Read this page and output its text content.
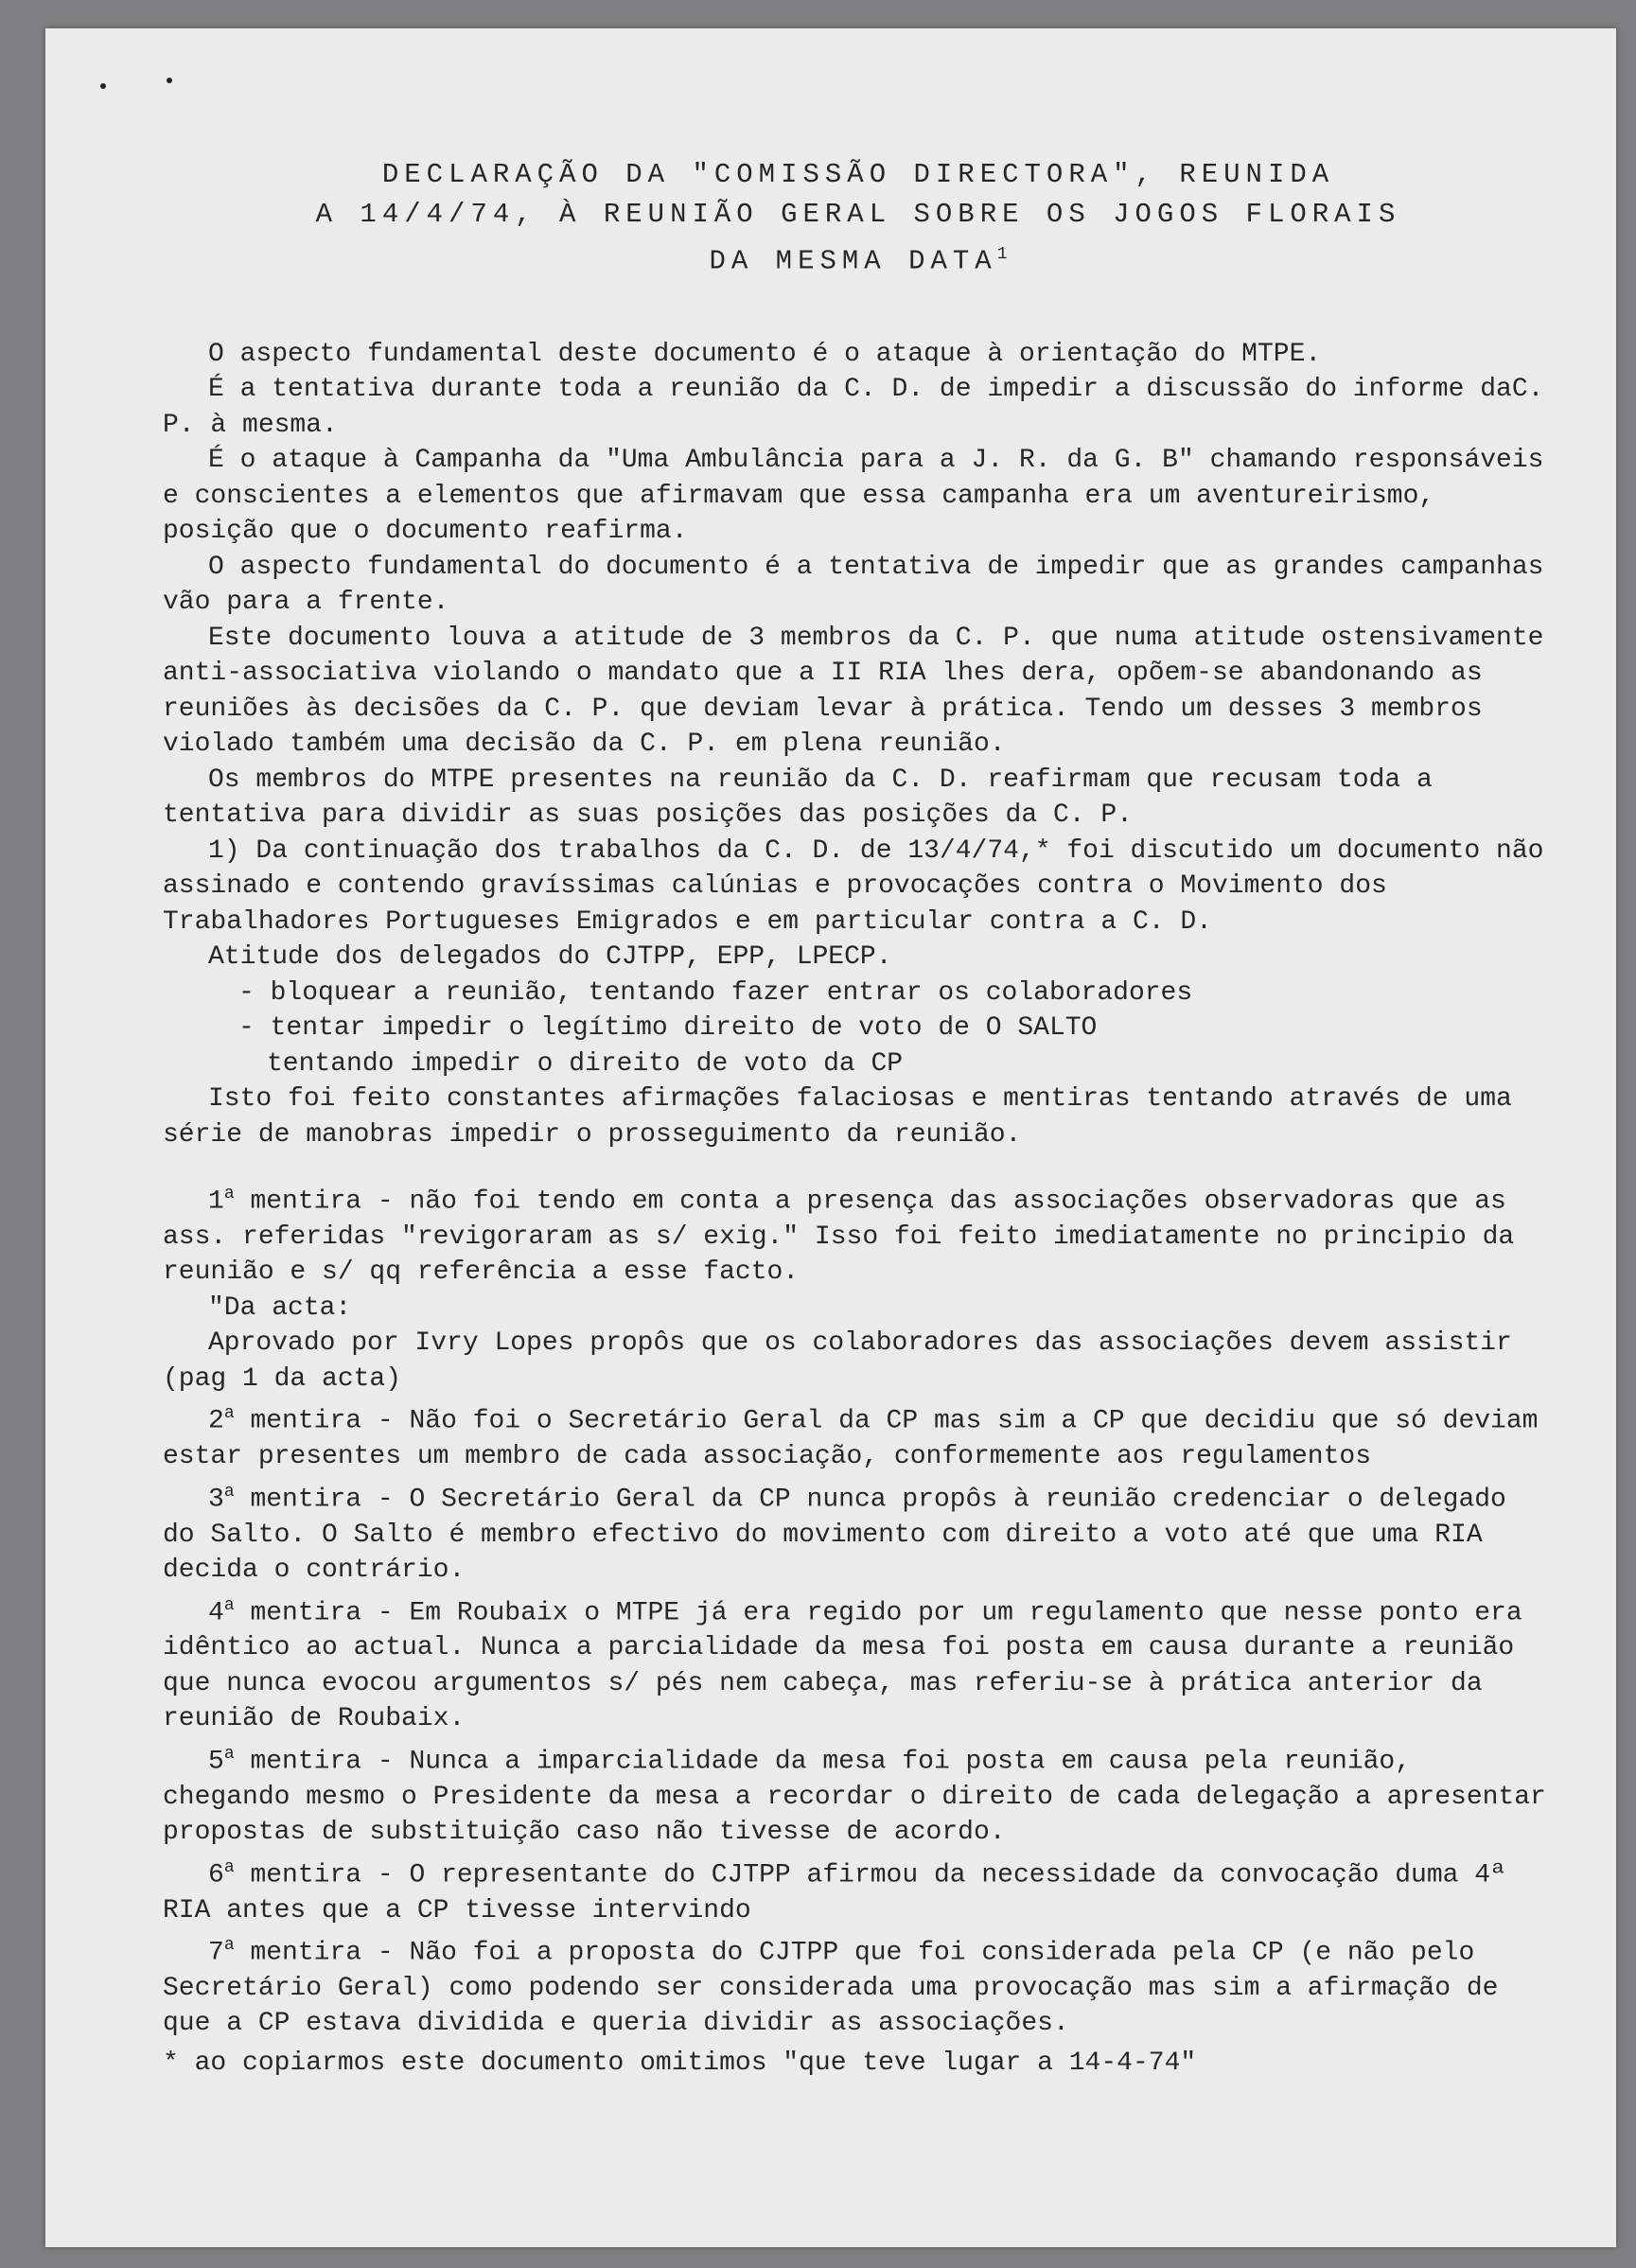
DECLARAÇÃO DA "COMISSÃO DIRECTORA", REUNIDA
A 14/4/74, À REUNIÃO GERAL SOBRE OS JOGOS FLORAIS
DA MESMA DATA$^1$

O aspecto fundamental deste documento é o ataque à orientação do MTPE.

É a tentativa durante toda a reunião da C. D. de impedir a discussão do informe daC. P. à mesma.

É o ataque à Campanha da "Uma Ambulância para a J. R. da G. B" chamando responsáveis e conscientes a elementos que afirmavam que essa campanha era um aventureirismo, posição que o documento reafirma.

O aspecto fundamental do documento é a tentativa de impedir que as grandes campanhas vão para a frente.

Este documento louva a atitude de 3 membros da C. P. que numa atitude ostensivamente anti-associativa violando o mandato que a II RIA lhes dera, opõem-se abandonando as reuniões às decisões da C. P. que deviam levar à prática. Tendo um desses 3 membros violado também uma decisão da C. P. em plena reunião.

Os membros do MTPE presentes na reunião da C. D. reafirmam que recusam toda a tentativa para dividir as suas posições das posições da C. P.

1) Da continuação dos trabalhos da C. D. de 13/4/74,* foi discutido um documento não assinado e contendo gravíssimas calúnias e provocações contra o Movimento dos Trabalhadores Portugueses Emigrados e em particular contra a C. D.

Atitude dos delegados do CJTPP, EPP, LPECP.

- bloquear a reunião, tentando fazer entrar os colaboradores

- tentar impedir o legítimo direito de voto de O SALTO

tentando impedir o direito de voto da CP

Isto foi feito constantes afirmações falaciosas e mentiras tentando através de uma série de manobras impedir o prosseguimento da reunião.

1$^a$ mentira - não foi tendo em conta a presença das associações observadoras que as ass. referidas "revigoraram as s/ exig." Isso foi feito imediatamente no principio da reunião e s/ qq referência a esse facto.

"Da acta:

Aprovado por Ivry Lopes propôs que os colaboradores das associações devem assistir (pag 1 da acta)

2$^a$ mentira - Não foi o Secretário Geral da CP mas sim a CP que decidiu que só deviam estar presentes um membro de cada associação, conformemente aos regulamentos

3$^a$ mentira - O Secretário Geral da CP nunca propôs à reunião credenciar o delegado do Salto. O Salto é membro efectivo do movimento com direito a voto até que uma RIA decida o contrário.

4$^a$ mentira - Em Roubaix o MTPE já era regido por um regulamento que nesse ponto era idêntico ao actual. Nunca a parcialidade da mesa foi posta em causa durante a reunião que nunca evocou argumentos s/ pés nem cabeça, mas referiu-se à prática anterior da reunião de Roubaix.

5$^a$ mentira - Nunca a imparcialidade da mesa foi posta em causa pela reunião, chegando mesmo o Presidente da mesa a recordar o direito de cada delegação a apresentar propostas de substituição caso não tivesse de acordo.

6$^a$ mentira - O representante do CJTPP afirmou da necessidade da convocação duma 4ª RIA antes que a CP tivesse intervindo

7$^a$ mentira - Não foi a proposta do CJTPP que foi considerada pela CP (e não pelo Secretário Geral) como podendo ser considerada uma provocação mas sim a afirmação de que a CP estava dividida e queria dividir as associações.

* ao copiarmos este documento omitimos "que teve lugar a 14-4-74"
